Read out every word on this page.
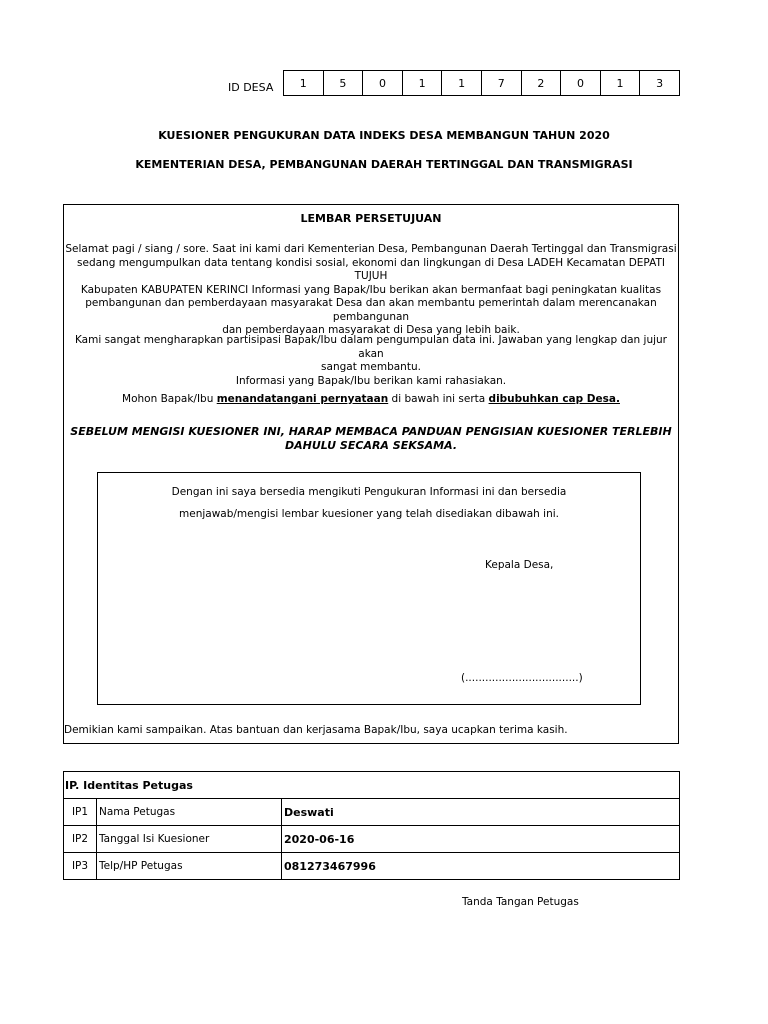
ID DESA 1	5	0	1	1	7	2	0	1	3
KUESIONER PENGUKURAN DATA INDEKS DESA MEMBANGUN TAHUN 2020
KEMENTERIAN DESA, PEMBANGUNAN DAERAH TERTINGGAL DAN TRANSMIGRASI
LEMBAR PERSETUJUAN
Selamat pagi / siang / sore. Saat ini kami dari Kementerian Desa, Pembangunan Daerah Tertinggal dan Transmigrasi
sedang mengumpulkan data tentang kondisi sosial, ekonomi dan lingkungan di Desa LADEH Kecamatan DEPATI TUJUH
Kabupaten KABUPATEN KERINCI Informasi yang Bapak/Ibu berikan akan bermanfaat bagi peningkatan kualitas
pembangunan dan pemberdayaan masyarakat Desa dan akan membantu pemerintah dalam merencanakan pembangunan
dan pemberdayaan masyarakat di Desa yang lebih baik.
Kami sangat mengharapkan partisipasi Bapak/Ibu dalam pengumpulan data ini. Jawaban yang lengkap dan jujur akan
sangat membantu.
Informasi yang Bapak/Ibu berikan kami rahasiakan.
Mohon Bapak/Ibu menandatangani pernyataan di bawah ini serta dibubuhkan cap Desa.
SEBELUM MENGISI KUESIONER INI, HARAP MEMBACA PANDUAN PENGISIAN KUESIONER TERLEBIH
DAHULU SECARA SEKSAMA.
Dengan ini saya bersedia mengikuti Pengukuran Informasi ini dan bersedia
menjawab/mengisi lembar kuesioner yang telah disediakan dibawah ini.
Kepala Desa,
(..................................)
Demikian kami sampaikan. Atas bantuan dan kerjasama Bapak/Ibu, saya ucapkan terima kasih.
IP. Identitas Petugas		
IP1	Nama Petugas	Deswati
IP2	Tanggal Isi Kuesioner	2020-06-16
IP3	Telp/HP Petugas	081273467996
Tanda Tangan Petugas
